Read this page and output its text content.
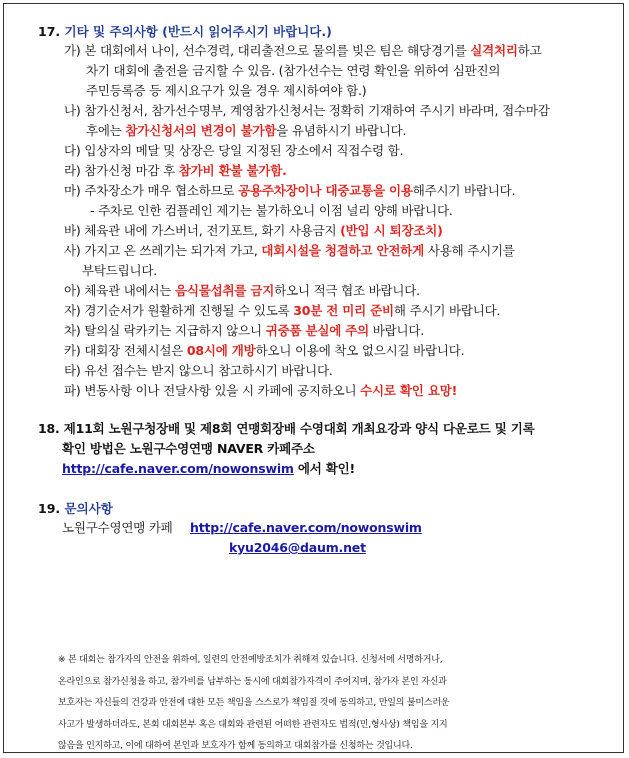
17. 기타 및 주의사항 (반드시 읽어주시기 바랍니다.)
가) 본 대회에서 나이, 선수경력, 대리출전으로 물의를 빚은 팀은 해당경기를 실격처리하고
차기 대회에 출전을 금지할 수 있음. (참가선수는 연령 확인을 위하여 심판진의
주민등록증 등 제시요구가 있을 경우 제시하여야 함.)
나) 참가신청서, 참가선수명부, 계영참가신청서는 정확히 기재하여 주시기 바라며, 접수마감
후에는 참가신청서의 변경이 불가함을 유념하시기 바랍니다.
다) 입상자의 메달 및 상장은 당일 지정된 장소에서 직접수령 함.
라) 참가신청 마감 후 참가비 환불 불가함.
마) 주차장소가 매우 협소하므로 공용주차장이나 대중교통을 이용해주시기 바랍니다.
- 주차로 인한 컴플레인 제기는 불가하오니 이점 널리 양해 바랍니다.
바) 체육관 내에 가스버너, 전기포트, 화기 사용금지 (반입 시 퇴장조치)
사) 가지고 온 쓰레기는 되가져 가고, 대회시설을 청결하고 안전하게 사용해 주시기를
부탁드립니다.
아) 체육관 내에서는 음식물섭취를 금지하오니 적극 협조 바랍니다.
자) 경기순서가 원활하게 진행될 수 있도록 30분 전 미리 준비해 주시기 바랍니다.
차) 탈의실 락카키는 지급하지 않으니 귀중품 분실에 주의 바랍니다.
카) 대회장 전체시설은 08시에 개방하오니 이용에 착오 없으시길 바랍니다.
타) 유선 접수는 받지 않으니 참고하시기 바랍니다.
파) 변동사항 이나 전달사항 있을 시 카페에 공지하오니 수시로 확인 요망!
18. 제11회 노원구청장배 및 제8회 연맹회장배 수영대회 개최요강과 양식 다운로드 및 기록
확인 방법은 노원구수영연맹 NAVER 카페주소
http://cafe.naver.com/nowonswim 에서 확인!
19. 문의사항
노원구수영연맹 카페 http://cafe.naver.com/nowonswim
kyu2046@daum.net
※ 본 대회는 참가자의 안전을 위하여, 일련의 안전예방조치가 취해져 있습니다. 신청서에 서명하거나,
온라인으로 참가신청을 하고, 참가비를 납부하는 동시에 대회참가자격이 주어지며, 참가자 본인 자신과
보호자는 자신들의 건강과 안전에 대한 모든 책임을 스스로가 책임질 것에 동의하고, 만일의 불미스러운
사고가 발생하더라도, 본회 대회본부 혹은 대회와 관련된 어떠한 관련자도 법적(민,형사상) 책임을 지지
않음을 인지하고, 이에 대하여 본인과 보호자가 함께 동의하고 대회참가를 신청하는 것입니다.
